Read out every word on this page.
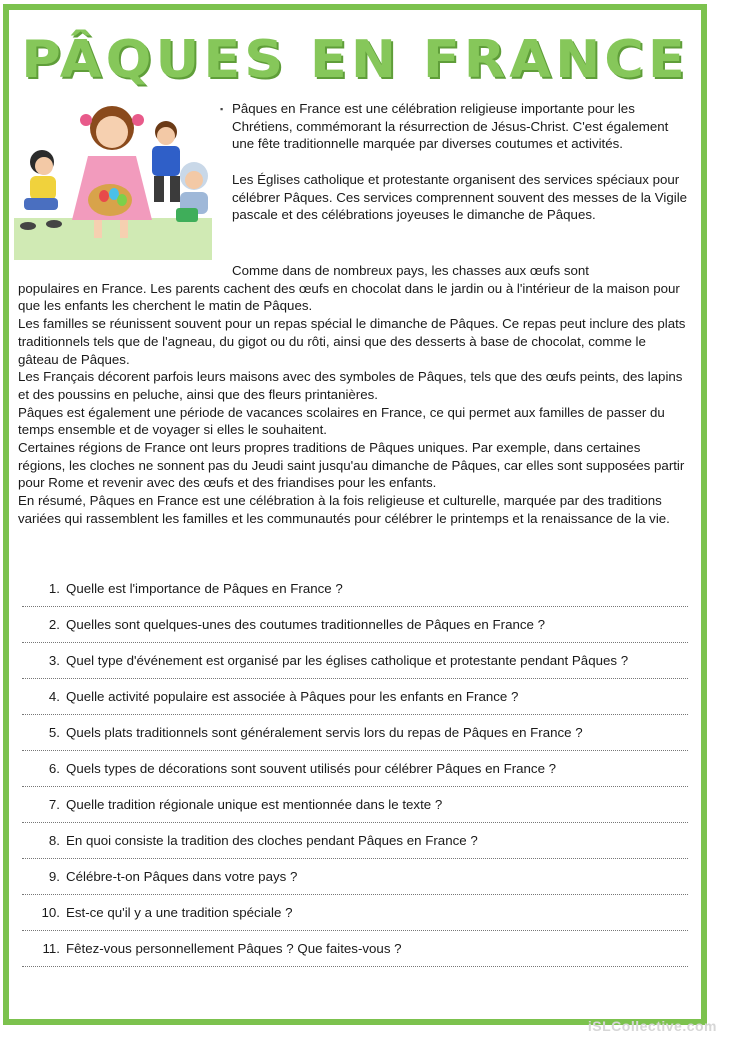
PÂQUES EN FRANCE
▪ Pâques en France est une célébration religieuse importante pour les Chrétiens, commémorant la résurrection de Jésus-Christ. C'est également une fête traditionnelle marquée par diverses coutumes et activités.

Les Églises catholique et protestante organisent des services spéciaux pour célébrer Pâques. Ces services comprennent souvent des messes de la Vigile pascale et des célébrations joyeuses le dimanche de Pâques.

Comme dans de nombreux pays, les chasses aux œufs sont

populaires en France. Les parents cachent des œufs en chocolat dans le jardin ou à l'intérieur de la maison pour que les enfants les cherchent le matin de Pâques.

Les familles se réunissent souvent pour un repas spécial le dimanche de Pâques. Ce repas peut inclure des plats traditionnels tels que de l'agneau, du gigot ou du rôti, ainsi que des desserts à base de chocolat, comme le gâteau de Pâques.

Les Français décorent parfois leurs maisons avec des symboles de Pâques, tels que des œufs peints, des lapins et des poussins en peluche, ainsi que des fleurs printanières.

Pâques est également une période de vacances scolaires en France, ce qui permet aux familles de passer du temps ensemble et de voyager si elles le souhaitent.

Certaines régions de France ont leurs propres traditions de Pâques uniques. Par exemple, dans certaines régions, les cloches ne sonnent pas du Jeudi saint jusqu'au dimanche de Pâques, car elles sont supposées partir pour Rome et revenir avec des œufs et des friandises pour les enfants.

En résumé, Pâques en France est une célébration à la fois religieuse et culturelle, marquée par des traditions variées qui rassemblent les familles et les communautés pour célébrer le printemps et la renaissance de la vie.

1. Quelle est l'importance de Pâques en France ?
2. Quelles sont quelques-unes des coutumes traditionnelles de Pâques en France ?
3. Quel type d'événement est organisé par les églises catholique et protestante pendant Pâques ?
4. Quelle activité populaire est associée à Pâques pour les enfants en France ?
5. Quels plats traditionnels sont généralement servis lors du repas de Pâques en France ?
6. Quels types de décorations sont souvent utilisés pour célébrer Pâques en France ?
7. Quelle tradition régionale unique est mentionnée dans le texte ?
8. En quoi consiste la tradition des cloches pendant Pâques en France ?
9. Célébre-t-on Pâques dans votre pays ?
10. Est-ce qu'il y a une tradition spéciale ?
11. Fêtez-vous personnellement Pâques ? Que faites-vous ?
iSLCollective.com
